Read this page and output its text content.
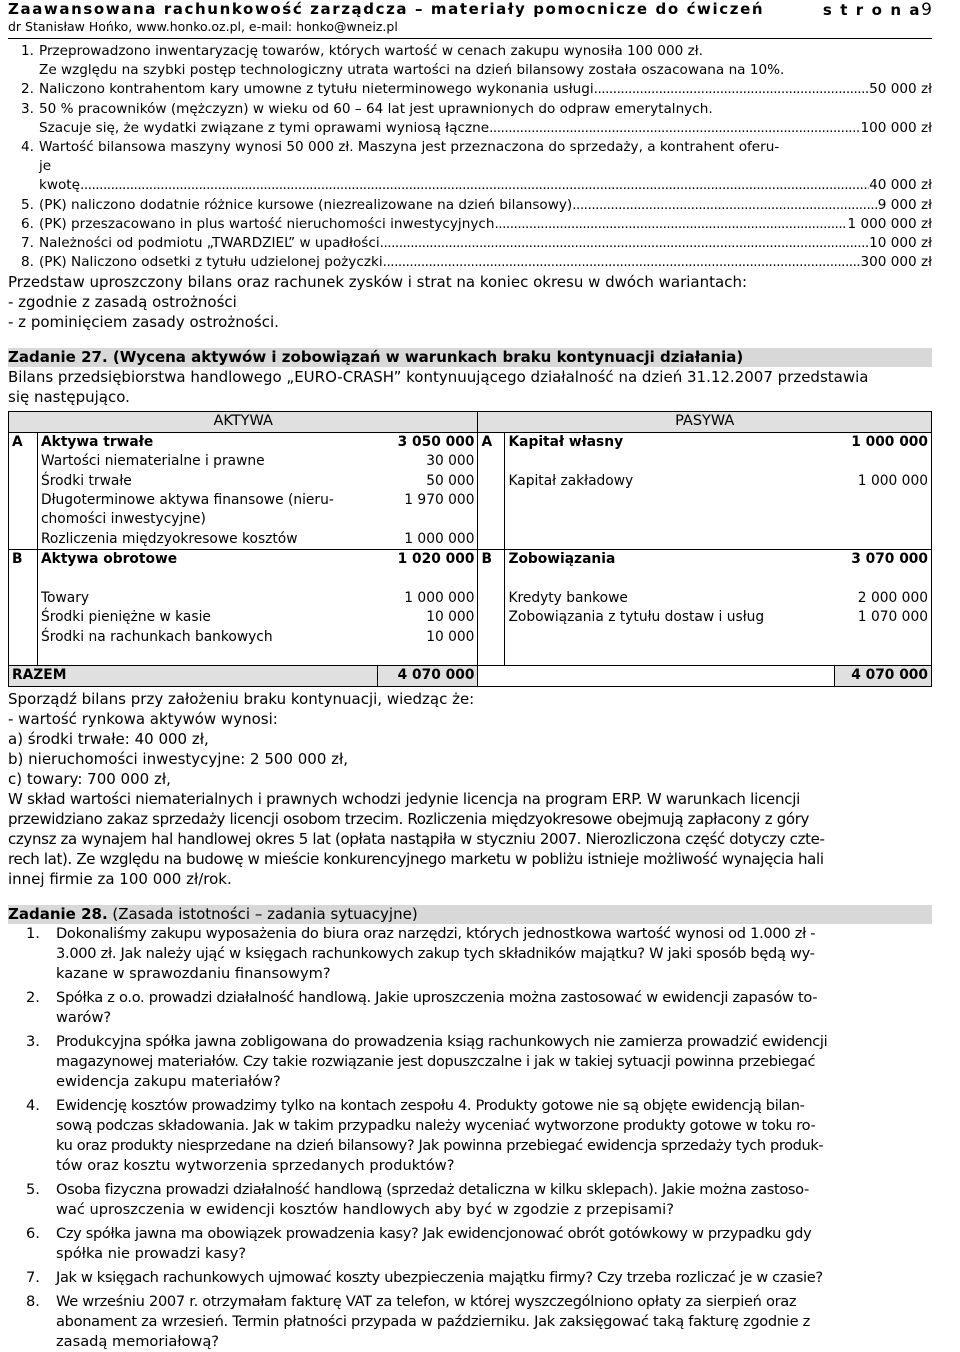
Zaawansowana rachunkowość zarządcza – materiały pomocnicze do ćwiczeń
dr Stanisław Hońko, www.honko.oz.pl, e-mail: honko@wneiz.pl
s t r o n a9
1. Przeprowadzono inwentaryzację towarów, których wartość w cenach zakupu wynosiła 100 000 zł.
Ze względu na szybki postęp technologiczny utrata wartości na dzień bilansowy została oszacowana na 10%.
2. Naliczono kontrahentom kary umowne z tytułu nieterminowego wykonania usługi .....	50 000 zł
3. 50 % pracowników (mężczyzn) w wieku od 60 – 64 lat jest uprawnionych do odpraw emerytalnych.
Szacuje się, że wydatki związane z tymi oprawami wyniosą łączne .....	100 000 zł
4. Wartość bilansowa maszyny wynosi 50 000 zł. Maszyna jest przeznaczona do sprzedaży, a kontrahent oferu-
je
kwotę .....	40 000 zł
5. (PK) naliczono dodatnie różnice kursowe (niezrealizowane na dzień bilansowy) .....	9 000 zł
6. (PK) przeszacowano in plus wartość nieruchomości inwestycyjnych .....	1 000 000 zł
7. Należności od podmiotu „TWARDZIEL” w upadłości .....	10 000 zł
8. (PK) Naliczono odsetki z tytułu udzielonej pożyczki .....	300 000 zł
Przedstaw uproszczony bilans oraz rachunek zysków i strat na koniec okresu w dwóch wariantach:
- zgodnie z zasadą ostrożności
- z pominięciem zasady ostrożności.
Zadanie 27. (Wycena aktywów i zobowiązań w warunkach braku kontynuacji działania)
Bilans przedsiębiorstwa handlowego „EURO-CRASH” kontynuującego działalność na dzień 31.12.2007 przedstawia
się następująco.
AKTYWA			PASYWA		
A	Aktywa trwałe	3 050 000	A	Kapitał własny	1 000 000
	Wartości niematerialne i prawne	30 000			
	Środki trwałe	50 000		Kapitał zakładowy	1 000 000
	Długoterminowe aktywa finansowe (nieru-	1 970 000			
	chomości inwestycyjne)				
	Rozliczenia międzyokresowe kosztów	1 000 000			
B	Aktywa obrotowe	1 020 000	B	Zobowiązania	3 070 000

	Towary	1 000 000		Kredyty bankowe	2 000 000
	Środki pieniężne w kasie	10 000		Zobowiązania z tytułu dostaw i usług	1 070 000
	Środki na rachunkach bankowych	10 000			

RAZEM		4 070 000			4 070 000
Sporządź bilans przy założeniu braku kontynuacji, wiedząc że:
- wartość rynkowa aktywów wynosi:
a) środki trwałe: 40 000 zł,
b) nieruchomości inwestycyjne: 2 500 000 zł,
c) towary: 700 000 zł,
W skład wartości niematerialnych i prawnych wchodzi jedynie licencja na program ERP. W warunkach licencji
przewidziano zakaz sprzedaży licencji osobom trzecim. Rozliczenia międzyokresowe obejmują zapłacony z góry
czynsz za wynajem hal handlowej okres 5 lat (opłata nastąpiła w styczniu 2007. Nierozliczona część dotyczy czte-
rech lat). Ze względu na budowę w mieście konkurencyjnego marketu w pobliżu istnieje możliwość wynajęcia hali
innej firmie za 100 000 zł/rok.
Zadanie 28. (Zasada istotności – zadania sytuacyjne)
1.	Dokonaliśmy zakupu wyposażenia do biura oraz narzędzi, których jednostkowa wartość wynosi od 1.000 zł -
3.000 zł. Jak należy ująć w księgach rachunkowych zakup tych składników majątku? W jaki sposób będą wy-
kazane w sprawozdaniu finansowym?
2.	Spółka z o.o. prowadzi działalność handlową. Jakie uproszczenia można zastosować w ewidencji zapasów to-
warów?
3.	Produkcyjna spółka jawna zobligowana do prowadzenia ksiąg rachunkowych nie zamierza prowadzić ewidencji
magazynowej materiałów. Czy takie rozwiązanie jest dopuszczalne i jak w takiej sytuacji powinna przebiegać
ewidencja zakupu materiałów?
4.	Ewidencję kosztów prowadzimy tylko na kontach zespołu 4. Produkty gotowe nie są objęte ewidencją bilan-
sową podczas składowania. Jak w takim przypadku należy wyceniać wytworzone produkty gotowe w toku ro-
ku oraz produkty niesprzedane na dzień bilansowy? Jak powinna przebiegać ewidencja sprzedaży tych produk-
tów oraz kosztu wytworzenia sprzedanych produktów?
5.	Osoba fizyczna prowadzi działalność handlową (sprzedaż detaliczna w kilku sklepach). Jakie można zastoso-
wać uproszczenia w ewidencji kosztów handlowych aby być w zgodzie z przepisami?
6.	Czy spółka jawna ma obowiązek prowadzenia kasy? Jak ewidencjonować obrót gotówkowy w przypadku gdy
spółka nie prowadzi kasy?
7.	Jak w księgach rachunkowych ujmować koszty ubezpieczenia majątku firmy? Czy trzeba rozliczać je w czasie?
8.	We wrześniu 2007 r. otrzymałam fakturę VAT za telefon, w której wyszczególniono opłaty za sierpień oraz
abonament za wrzesień. Termin płatności przypada w październiku. Jak zaksięgować taką fakturę zgodnie z
zasadą memoriałową?
